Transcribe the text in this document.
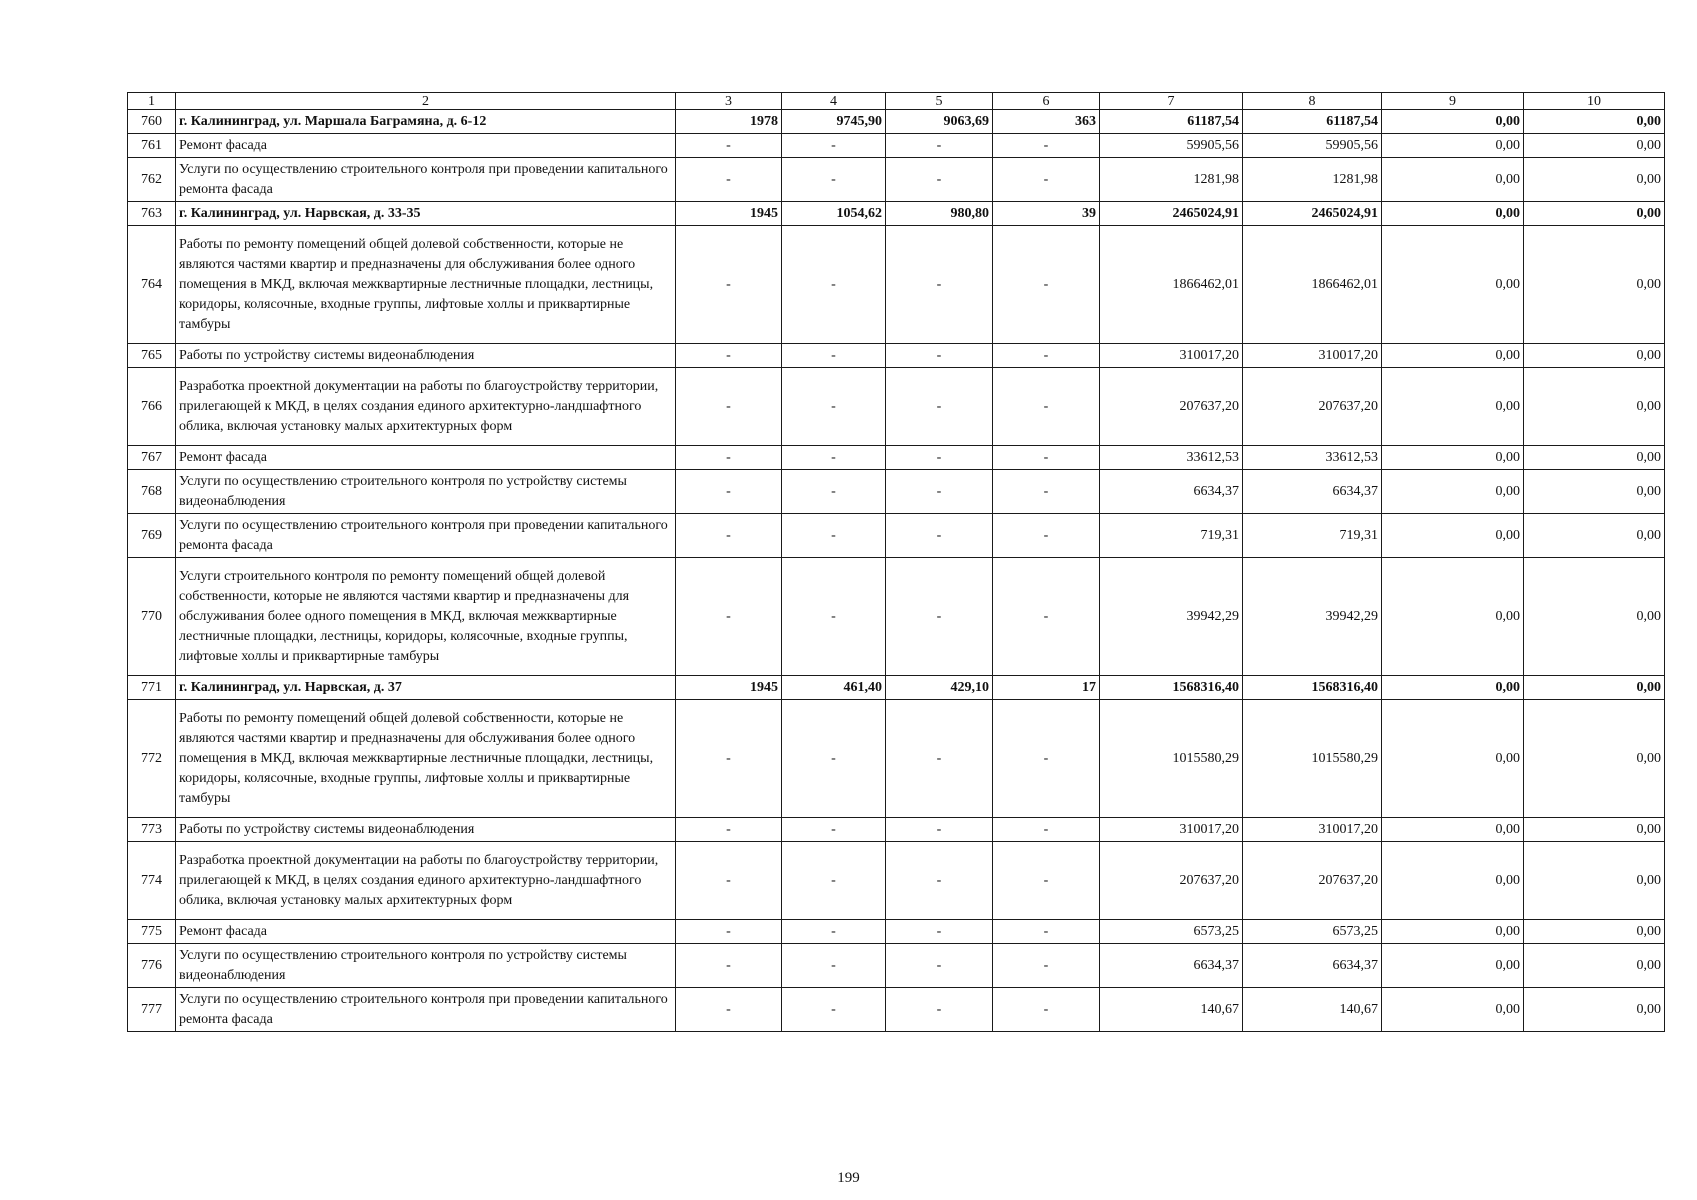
1	2	3	4	5	6	7	8	9	10
760	г. Калининград, ул. Маршала Баграмяна, д. 6-12	1978	9745,90	9063,69	363	61187,54	61187,54	0,00	0,00
761	Ремонт фасада	-	-	-	-	59905,56	59905,56	0,00	0,00
762	Услуги по осуществлению строительного контроля при проведении капитального ремонта фасада	-	-	-	-	1281,98	1281,98	0,00	0,00
763	г. Калининград, ул. Нарвская, д. 33-35	1945	1054,62	980,80	39	2465024,91	2465024,91	0,00	0,00
764	Работы по ремонту помещений общей долевой собственности, которые не являются частями квартир и предназначены для обслуживания более одного помещения в МКД, включая межквартирные лестничные площадки, лестницы, коридоры, колясочные, входные группы, лифтовые холлы и приквартирные тамбуры	-	-	-	-	1866462,01	1866462,01	0,00	0,00
765	Работы по устройству системы видеонаблюдения	-	-	-	-	310017,20	310017,20	0,00	0,00
766	Разработка проектной документации на работы по благоустройству территории, прилегающей к МКД, в целях создания единого архитектурно-ландшафтного облика, включая установку малых архитектурных форм	-	-	-	-	207637,20	207637,20	0,00	0,00
767	Ремонт фасада	-	-	-	-	33612,53	33612,53	0,00	0,00
768	Услуги по осуществлению строительного контроля по устройству системы видеонаблюдения	-	-	-	-	6634,37	6634,37	0,00	0,00
769	Услуги по осуществлению строительного контроля при проведении капитального ремонта фасада	-	-	-	-	719,31	719,31	0,00	0,00
770	Услуги строительного контроля по ремонту помещений общей долевой собственности, которые не являются частями квартир и предназначены для обслуживания более одного помещения в МКД, включая межквартирные лестничные площадки, лестницы, коридоры, колясочные, входные группы, лифтовые холлы и приквартирные тамбуры	-	-	-	-	39942,29	39942,29	0,00	0,00
771	г. Калининград, ул. Нарвская, д. 37	1945	461,40	429,10	17	1568316,40	1568316,40	0,00	0,00
772	Работы по ремонту помещений общей долевой собственности, которые не являются частями квартир и предназначены для обслуживания более одного помещения в МКД, включая межквартирные лестничные площадки, лестницы, коридоры, колясочные, входные группы, лифтовые холлы и приквартирные тамбуры	-	-	-	-	1015580,29	1015580,29	0,00	0,00
773	Работы по устройству системы видеонаблюдения	-	-	-	-	310017,20	310017,20	0,00	0,00
774	Разработка проектной документации на работы по благоустройству территории, прилегающей к МКД, в целях создания единого архитектурно-ландшафтного облика, включая установку малых архитектурных форм	-	-	-	-	207637,20	207637,20	0,00	0,00
775	Ремонт фасада	-	-	-	-	6573,25	6573,25	0,00	0,00
776	Услуги по осуществлению строительного контроля по устройству системы видеонаблюдения	-	-	-	-	6634,37	6634,37	0,00	0,00
777	Услуги по осуществлению строительного контроля при проведении капитального ремонта фасада	-	-	-	-	140,67	140,67	0,00	0,00
199
